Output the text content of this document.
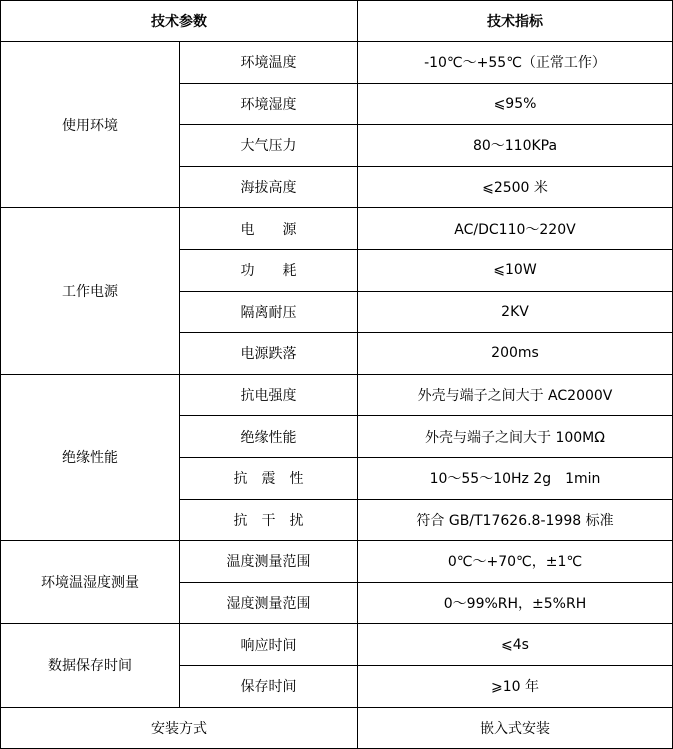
技术参数		技术指标
使用环境	环境温度	-10℃～+55℃（正常工作）
	环境湿度	⩽95%
	大气压力	80～110KPa
	海拔高度	⩽2500 米
工作电源	电　　源	AC/DC110～220V
	功　　耗	⩽10W
	隔离耐压	2KV
	电源跌落	200ms
绝缘性能	抗电强度	外壳与端子之间大于 AC2000V
	绝缘性能	外壳与端子之间大于 100MΩ
	抗　震　性	10～55～10Hz 2g　1min
	抗　干　扰	符合 GB/T17626.8-1998 标准
环境温湿度测量	温度测量范围	0℃～+70℃，±1℃
	湿度测量范围	0～99%RH，±5%RH
数据保存时间	响应时间	⩽4s
	保存时间	⩾10 年
安装方式		嵌入式安装
